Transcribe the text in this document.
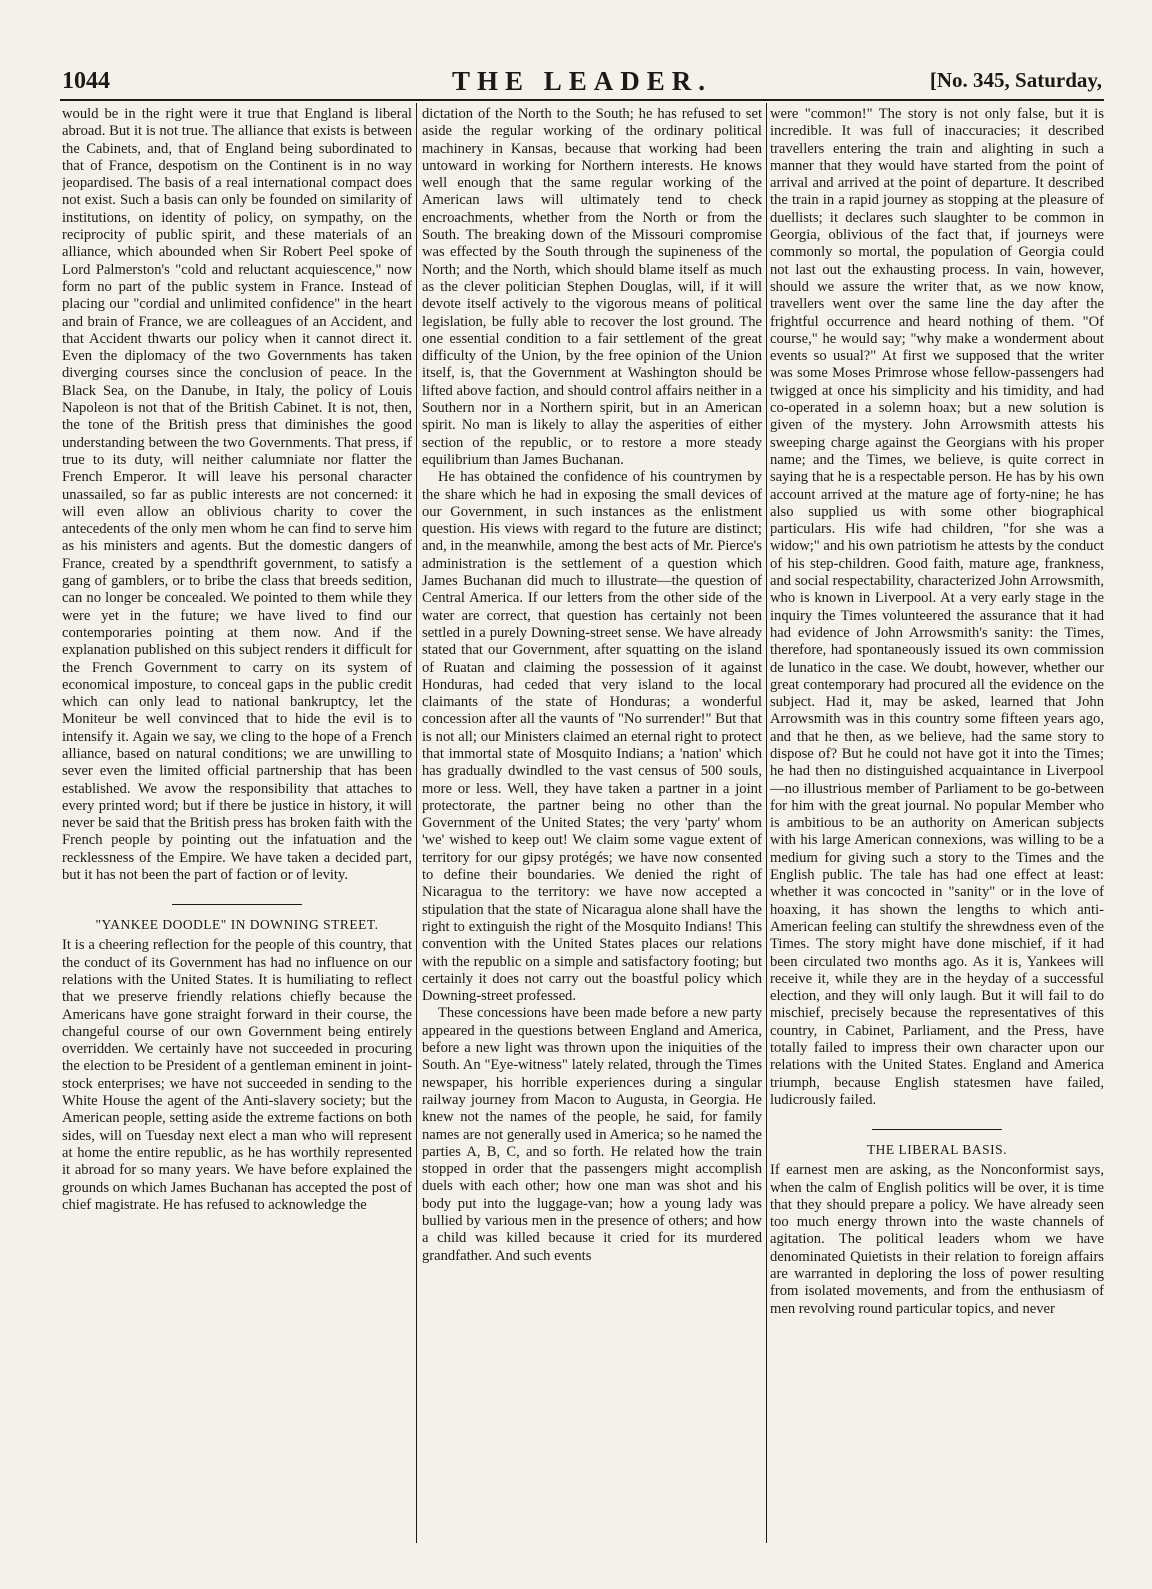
1044	THE LEADER.	[No. 345, Saturday,

would be in the right were it true that England is liberal abroad. But it is not true. The alliance that exists is between the Cabinets, and, that of England being subordinated to that of France, despotism on the Continent is in no way jeopardised. The basis of a real international compact does not exist. Such a basis can only be founded on similarity of institutions, on identity of policy, on sympathy, on the reciprocity of public spirit, and these materials of an alliance, which abounded when Sir Robert Peel spoke of Lord Palmerston's "cold and reluctant acquiescence," now form no part of the public system in France. Instead of placing our "cordial and unlimited confidence" in the heart and brain of France, we are colleagues of an Accident, and that Accident thwarts our policy when it cannot direct it. Even the diplomacy of the two Governments has taken diverging courses since the conclusion of peace. In the Black Sea, on the Danube, in Italy, the policy of Louis Napoleon is not that of the British Cabinet. It is not, then, the tone of the British press that diminishes the good understanding between the two Governments. That press, if true to its duty, will neither calumniate nor flatter the French Emperor. It will leave his personal character unassailed, so far as public interests are not concerned: it will even allow an oblivious charity to cover the antecedents of the only men whom he can find to serve him as his ministers and agents. But the domestic dangers of France, created by a spendthrift government, to satisfy a gang of gamblers, or to bribe the class that breeds sedition, can no longer be concealed. We pointed to them while they were yet in the future; we have lived to find our contemporaries pointing at them now. And if the explanation published on this subject renders it difficult for the French Government to carry on its system of economical imposture, to conceal gaps in the public credit which can only lead to national bankruptcy, let the Moniteur be well convinced that to hide the evil is to intensify it. Again we say, we cling to the hope of a French alliance, based on natural conditions; we are unwilling to sever even the limited official partnership that has been established. We avow the responsibility that attaches to every printed word; but if there be justice in history, it will never be said that the British press has broken faith with the French people by pointing out the infatuation and the recklessness of the Empire. We have taken a decided part, but it has not been the part of faction or of levity.

"YANKEE DOODLE" IN DOWNING STREET.

It is a cheering reflection for the people of this country, that the conduct of its Government has had no influence on our relations with the United States. It is humiliating to reflect that we preserve friendly relations chiefly because the Americans have gone straight forward in their course, the changeful course of our own Government being entirely overridden. We certainly have not succeeded in procuring the election to be President of a gentleman eminent in joint-stock enterprises; we have not succeeded in sending to the White House the agent of the Anti-slavery society; but the American people, setting aside the extreme factions on both sides, will on Tuesday next elect a man who will represent at home the entire republic, as he has worthily represented it abroad for so many years. We have before explained the grounds on which James Buchanan has accepted the post of chief magistrate. He has refused to acknowledge the

dictation of the North to the South; he has refused to set aside the regular working of the ordinary political machinery in Kansas, because that working had been untoward in working for Northern interests. He knows well enough that the same regular working of the American laws will ultimately tend to check encroachments, whether from the North or from the South. The breaking down of the Missouri compromise was effected by the South through the supineness of the North; and the North, which should blame itself as much as the clever politician Stephen Douglas, will, if it will devote itself actively to the vigorous means of political legislation, be fully able to recover the lost ground. The one essential condition to a fair settlement of the great difficulty of the Union, by the free opinion of the Union itself, is, that the Government at Washington should be lifted above faction, and should control affairs neither in a Southern nor in a Northern spirit, but in an American spirit. No man is likely to allay the asperities of either section of the republic, or to restore a more steady equilibrium than James Buchanan.

He has obtained the confidence of his countrymen by the share which he had in exposing the small devices of our Government, in such instances as the enlistment question. His views with regard to the future are distinct; and, in the meanwhile, among the best acts of Mr. Pierce's administration is the settlement of a question which James Buchanan did much to illustrate—the question of Central America. If our letters from the other side of the water are correct, that question has certainly not been settled in a purely Downing-street sense. We have already stated that our Government, after squatting on the island of Ruatan and claiming the possession of it against Honduras, had ceded that very island to the local claimants of the state of Honduras; a wonderful concession after all the vaunts of "No surrender!" But that is not all; our Ministers claimed an eternal right to protect that immortal state of Mosquito Indians; a 'nation' which has gradually dwindled to the vast census of 500 souls, more or less. Well, they have taken a partner in a joint protectorate, the partner being no other than the Government of the United States; the very 'party' whom 'we' wished to keep out! We claim some vague extent of territory for our gipsy protégés; we have now consented to define their boundaries. We denied the right of Nicaragua to the territory: we have now accepted a stipulation that the state of Nicaragua alone shall have the right to extinguish the right of the Mosquito Indians! This convention with the United States places our relations with the republic on a simple and satisfactory footing; but certainly it does not carry out the boastful policy which Downing-street professed.

These concessions have been made before a new party appeared in the questions between England and America, before a new light was thrown upon the iniquities of the South. An "Eye-witness" lately related, through the Times newspaper, his horrible experiences during a singular railway journey from Macon to Augusta, in Georgia. He knew not the names of the people, he said, for family names are not generally used in America; so he named the parties A, B, C, and so forth. He related how the train stopped in order that the passengers might accomplish duels with each other; how one man was shot and his body put into the luggage-van; how a young lady was bullied by various men in the presence of others; and how a child was killed because it cried for its murdered grandfather. And such events

were "common!" The story is not only false, but it is incredible. It was full of inaccuracies; it described travellers entering the train and alighting in such a manner that they would have started from the point of arrival and arrived at the point of departure. It described the train in a rapid journey as stopping at the pleasure of duellists; it declares such slaughter to be common in Georgia, oblivious of the fact that, if journeys were commonly so mortal, the population of Georgia could not last out the exhausting process. In vain, however, should we assure the writer that, as we now know, travellers went over the same line the day after the frightful occurrence and heard nothing of them. "Of course," he would say; "why make a wonderment about events so usual?" At first we supposed that the writer was some Moses Primrose whose fellow-passengers had twigged at once his simplicity and his timidity, and had co-operated in a solemn hoax; but a new solution is given of the mystery. John Arrowsmith attests his sweeping charge against the Georgians with his proper name; and the Times, we believe, is quite correct in saying that he is a respectable person. He has by his own account arrived at the mature age of forty-nine; he has also supplied us with some other biographical particulars. His wife had children, "for she was a widow;" and his own patriotism he attests by the conduct of his step-children. Good faith, mature age, frankness, and social respectability, characterized John Arrowsmith, who is known in Liverpool. At a very early stage in the inquiry the Times volunteered the assurance that it had had evidence of John Arrowsmith's sanity: the Times, therefore, had spontaneously issued its own commission de lunatico in the case. We doubt, however, whether our great contemporary had procured all the evidence on the subject. Had it, may be asked, learned that John Arrowsmith was in this country some fifteen years ago, and that he then, as we believe, had the same story to dispose of? But he could not have got it into the Times; he had then no distinguished acquaintance in Liverpool—no illustrious member of Parliament to be go-between for him with the great journal. No popular Member who is ambitious to be an authority on American subjects with his large American connexions, was willing to be a medium for giving such a story to the Times and the English public. The tale has had one effect at least: whether it was concocted in "sanity" or in the love of hoaxing, it has shown the lengths to which anti-American feeling can stultify the shrewdness even of the Times. The story might have done mischief, if it had been circulated two months ago. As it is, Yankees will receive it, while they are in the heyday of a successful election, and they will only laugh. But it will fail to do mischief, precisely because the representatives of this country, in Cabinet, Parliament, and the Press, have totally failed to impress their own character upon our relations with the United States. England and America triumph, because English statesmen have failed, ludicrously failed.

THE LIBERAL BASIS.

If earnest men are asking, as the Nonconformist says, when the calm of English politics will be over, it is time that they should prepare a policy. We have already seen too much energy thrown into the waste channels of agitation. The political leaders whom we have denominated Quietists in their relation to foreign affairs are warranted in deploring the loss of power resulting from isolated movements, and from the enthusiasm of men revolving round particular topics, and never
